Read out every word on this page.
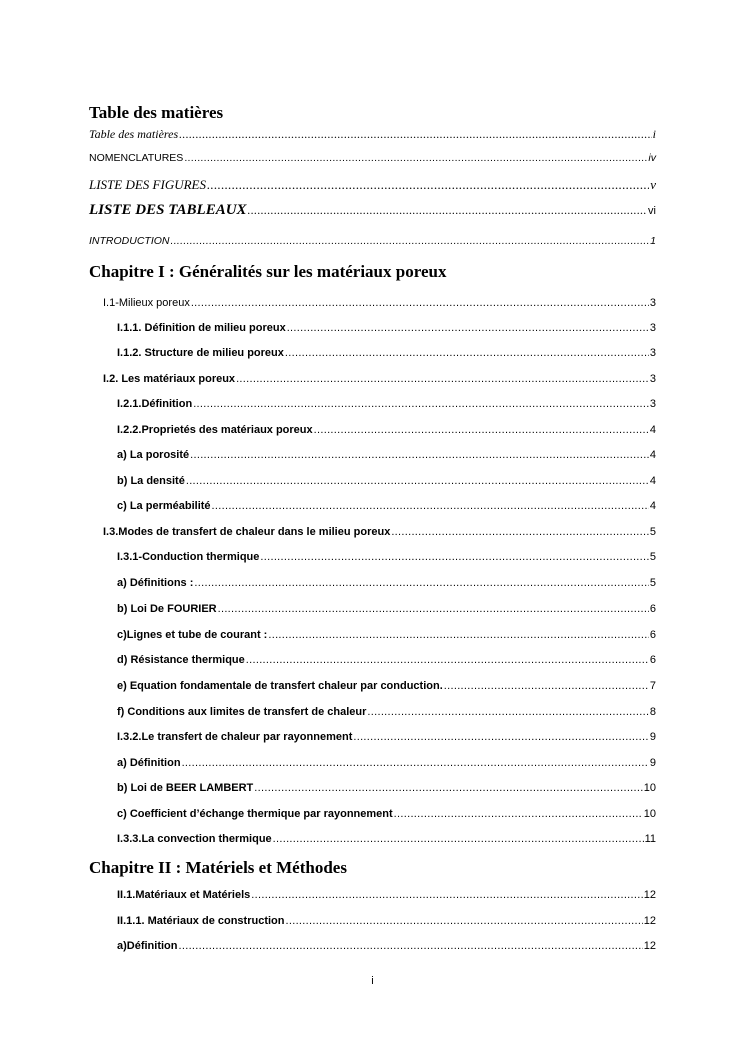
Table des matières
Table des matières .....	i
NOMENCLATURES .....	iv
LISTE DES FIGURES .....	v
LISTE DES TABLEAUX .....	vi
INTRODUCTION .....	1
Chapitre I : Généralités sur les matériaux poreux
I.1-Milieux poreux .....	3
I.1.1. Définition de milieu poreux .....	3
I.1.2. Structure de milieu poreux .....	3
I.2. Les matériaux poreux .....	3
I.2.1.Définition .....	3
I.2.2.Proprietés des matériaux poreux .....	4
a) La porosité .....	4
b) La densité .....	4
c) La perméabilité .....	4
I.3.Modes de transfert de chaleur dans le milieu poreux .....	5
I.3.1-Conduction thermique .....	5
a) Définitions : .....	5
b) Loi De FOURIER .....	6
c)Lignes et tube de courant : .....	6
d) Résistance thermique .....	6
e) Equation fondamentale de transfert chaleur par conduction. .....	7
f) Conditions aux limites de transfert de chaleur .....	8
I.3.2.Le transfert de chaleur par rayonnement .....	9
a) Définition .....	9
b) Loi de BEER LAMBERT .....	10
c) Coefficient d’échange thermique par rayonnement .....	10
I.3.3.La convection thermique .....	11
Chapitre II : Matériels et Méthodes
II.1.Matériaux et Matériels .....	12
II.1.1. Matériaux de construction .....	12
a)Définition .....	12
i
